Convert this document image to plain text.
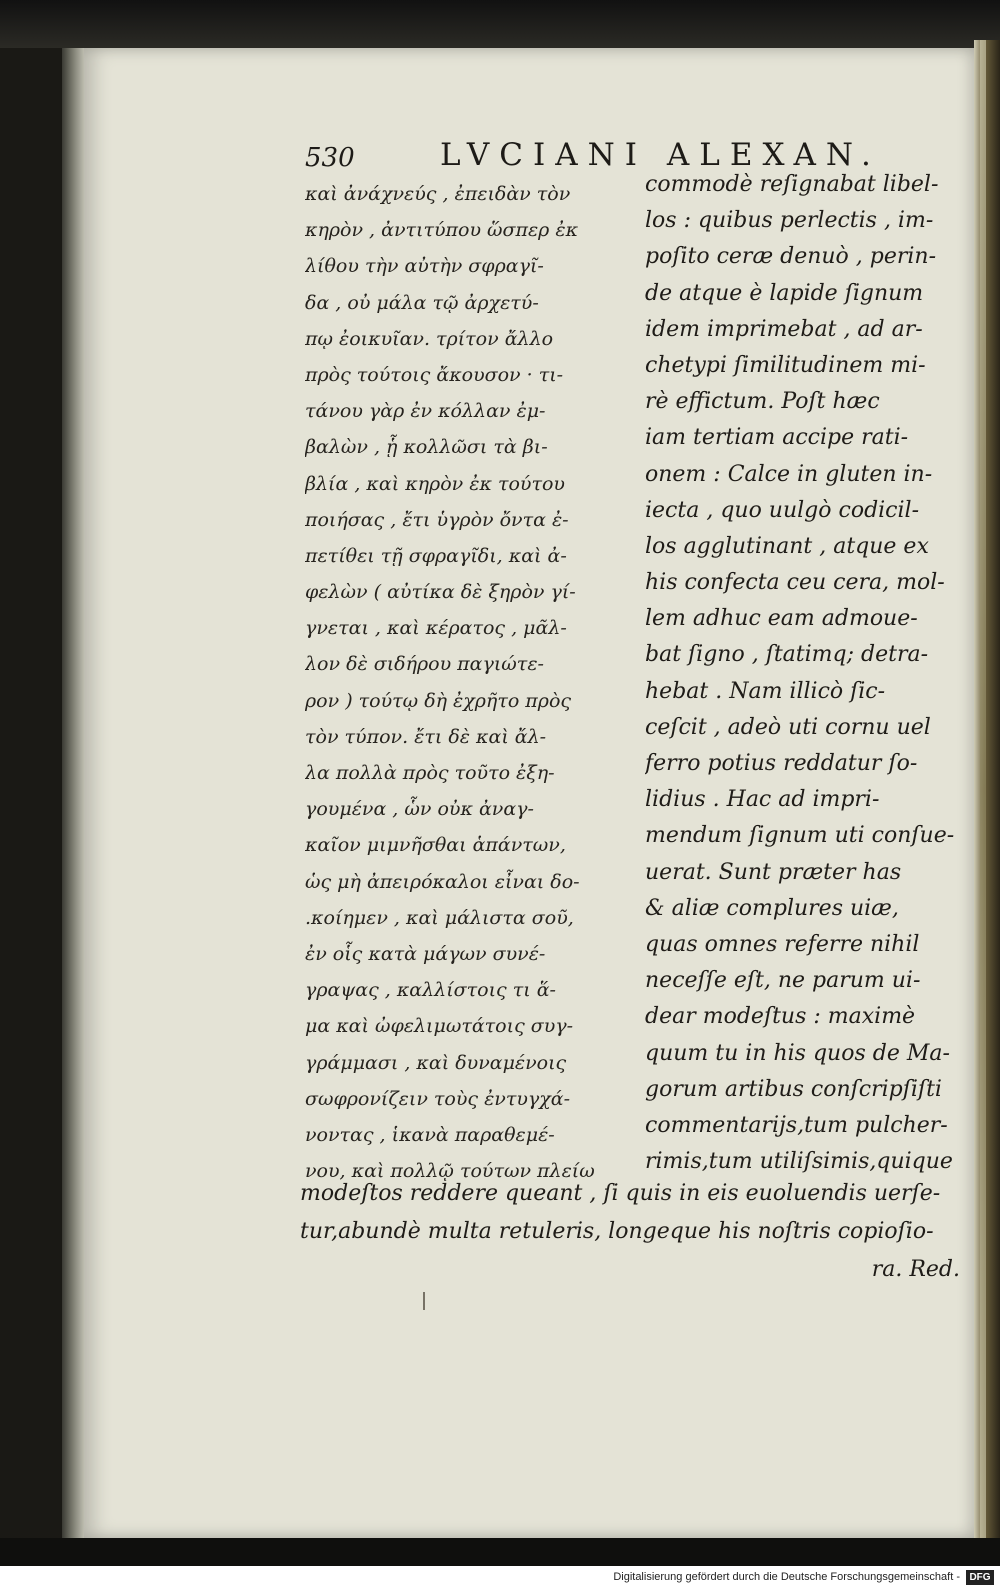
530	LVCIANI ALEXAN.
καὶ ἀνάχνεύς , ἐπειδὰν τὸν
κηρὸν , ἀντιτύπου ὥσπερ ἐκ
λίθου τὴν αὐτὴν σφραγῖ-
δα , οὐ μάλα τῷ ἀρχετύ-
πῳ ἐοικυῖαν. τρίτον ἄλλο
πρὸς τούτοις ἄκουσον · τι-
τάνου γὰρ ἐν κόλλαν ἐμ-
βαλὼν , ᾗ κολλῶσι τὰ βι-
βλία , καὶ κηρὸν ἐκ τούτου
ποιήσας , ἔτι ὑγρὸν ὄντα ἐ-
πετίθει τῇ σφραγῖδι, καὶ ἀ-
φελὼν ( αὐτίκα δὲ ξηρὸν γί-
γνεται , καὶ κέρατος , μᾶλ-
λον δὲ σιδήρου παγιώτε-
ρον ) τούτῳ δὴ ἐχρῆτο πρὸς
τὸν τύπον. ἔτι δὲ καὶ ἄλ-
λα πολλὰ πρὸς τοῦτο ἐξη-
γουμένα , ὧν οὐκ ἀναγ-
καῖον μιμνῆσθαι ἁπάντων,
ὡς μὴ ἀπειρόκαλοι εἶναι δο-
.κοίημεν , καὶ μάλιστα σοῦ,
ἐν οἷς κατὰ μάγων συνέ-
γραψας , καλλίστοις τι ἅ-
μα καὶ ὠφελιμωτάτοις συγ-
γράμμασι , καὶ δυναμένοις
σωφρονίζειν τοὺς ἐντυγχά-
νοντας , ἱκανὰ παραθεμέ-
νου, καὶ πολλῷ τούτων πλείω
commodè reſignabat libel-
los : quibus perlectis , im-
poſito ceræ denuò , perin-
de atque è lapide ſignum
idem imprimebat , ad ar-
chetypi ſimilitudinem mi-
rè effictum. Poſt hæc
iam tertiam accipe rati-
onem : Calce in gluten in-
iecta , quo uulgò codicil-
los agglutinant , atque ex
his confecta ceu cera, mol-
lem adhuc eam admoue-
bat ſigno , ſtatimq; detra-
hebat . Nam illicò ſic-
ceſcit , adeò uti cornu uel
ferro potius reddatur ſo-
lidius . Hac ad impri-
mendum ſignum uti conſue-
uerat. Sunt præter has
& aliæ complures uiæ,
quas omnes referre nihil
neceſſe eſt, ne parum ui-
dear modeſtus : maximè
quum tu in his quos de Ma-
gorum artibus conſcripſiſti
commentarijs,tum pulcher-
rimis,tum utiliſsimis,quique
modeſtos reddere queant , ſi quis in eis euoluendis uerſe-
tur,abundè multa retuleris, longeque his noſtris copioſio-
ra. Red.
Digitalisierung gefördert durch die Deutsche Forschungsgemeinschaft - DFG
